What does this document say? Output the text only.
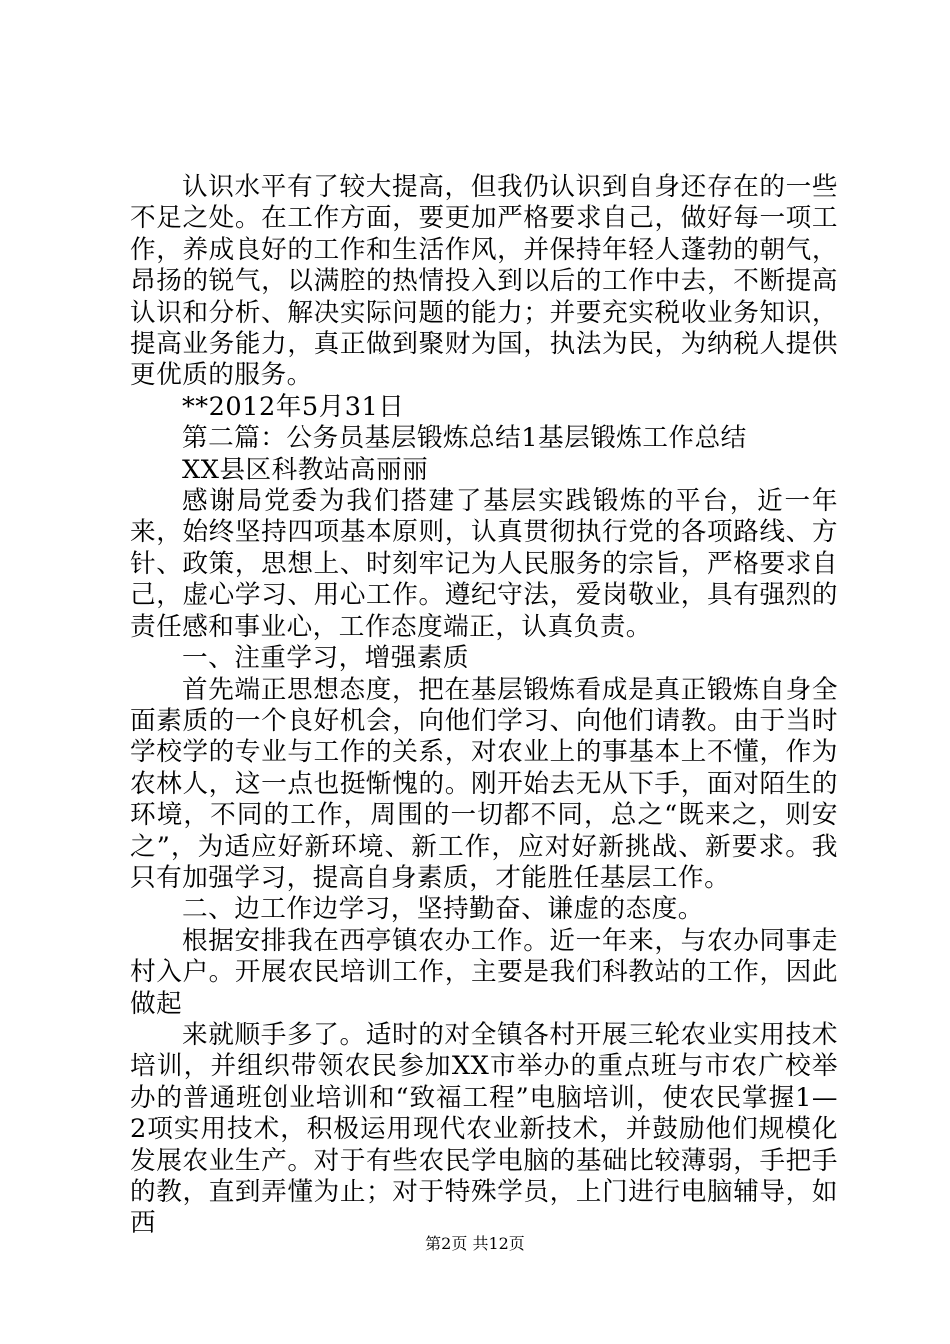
认识水平有了较大提高，但我仍认识到自身还存在的一些不足之处。在工作方面，要更加严格要求自己，做好每一项工作，养成良好的工作和生活作风，并保持年轻人蓬勃的朝气，昂扬的锐气，以满腔的热情投入到以后的工作中去，不断提高认识和分析、解决实际问题的能力；并要充实税收业务知识，提高业务能力，真正做到聚财为国，执法为民，为纳税人提供更优质的服务。

**2012年5月31日

第二篇：公务员基层锻炼总结1基层锻炼工作总结

XX县区科教站高丽丽

感谢局党委为我们搭建了基层实践锻炼的平台，近一年来，始终坚持四项基本原则，认真贯彻执行党的各项路线、方针、政策，思想上、时刻牢记为人民服务的宗旨，严格要求自己，虚心学习、用心工作。遵纪守法，爱岗敬业，具有强烈的责任感和事业心，工作态度端正，认真负责。

一、注重学习，增强素质

首先端正思想态度，把在基层锻炼看成是真正锻炼自身全面素质的一个良好机会，向他们学习、向他们请教。由于当时学校学的专业与工作的关系，对农业上的事基本上不懂，作为农林人，这一点也挺惭愧的。刚开始去无从下手，面对陌生的环境，不同的工作，周围的一切都不同，总之“既来之，则安之”，为适应好新环境、新工作，应对好新挑战、新要求。我只有加强学习，提高自身素质，才能胜任基层工作。

二、边工作边学习，坚持勤奋、谦虚的态度。

根据安排我在西亭镇农办工作。近一年来，与农办同事走村入户。开展农民培训工作，主要是我们科教站的工作，因此做起

来就顺手多了。适时的对全镇各村开展三轮农业实用技术培训，并组织带领农民参加XX市举办的重点班与市农广校举办的普通班创业培训和“致福工程”电脑培训，使农民掌握1—2项实用技术，积极运用现代农业新技术，并鼓励他们规模化发展农业生产。对于有些农民学电脑的基础比较薄弱，手把手的教，直到弄懂为止；对于特殊学员，上门进行电脑辅导，如西

第2页 共12页
